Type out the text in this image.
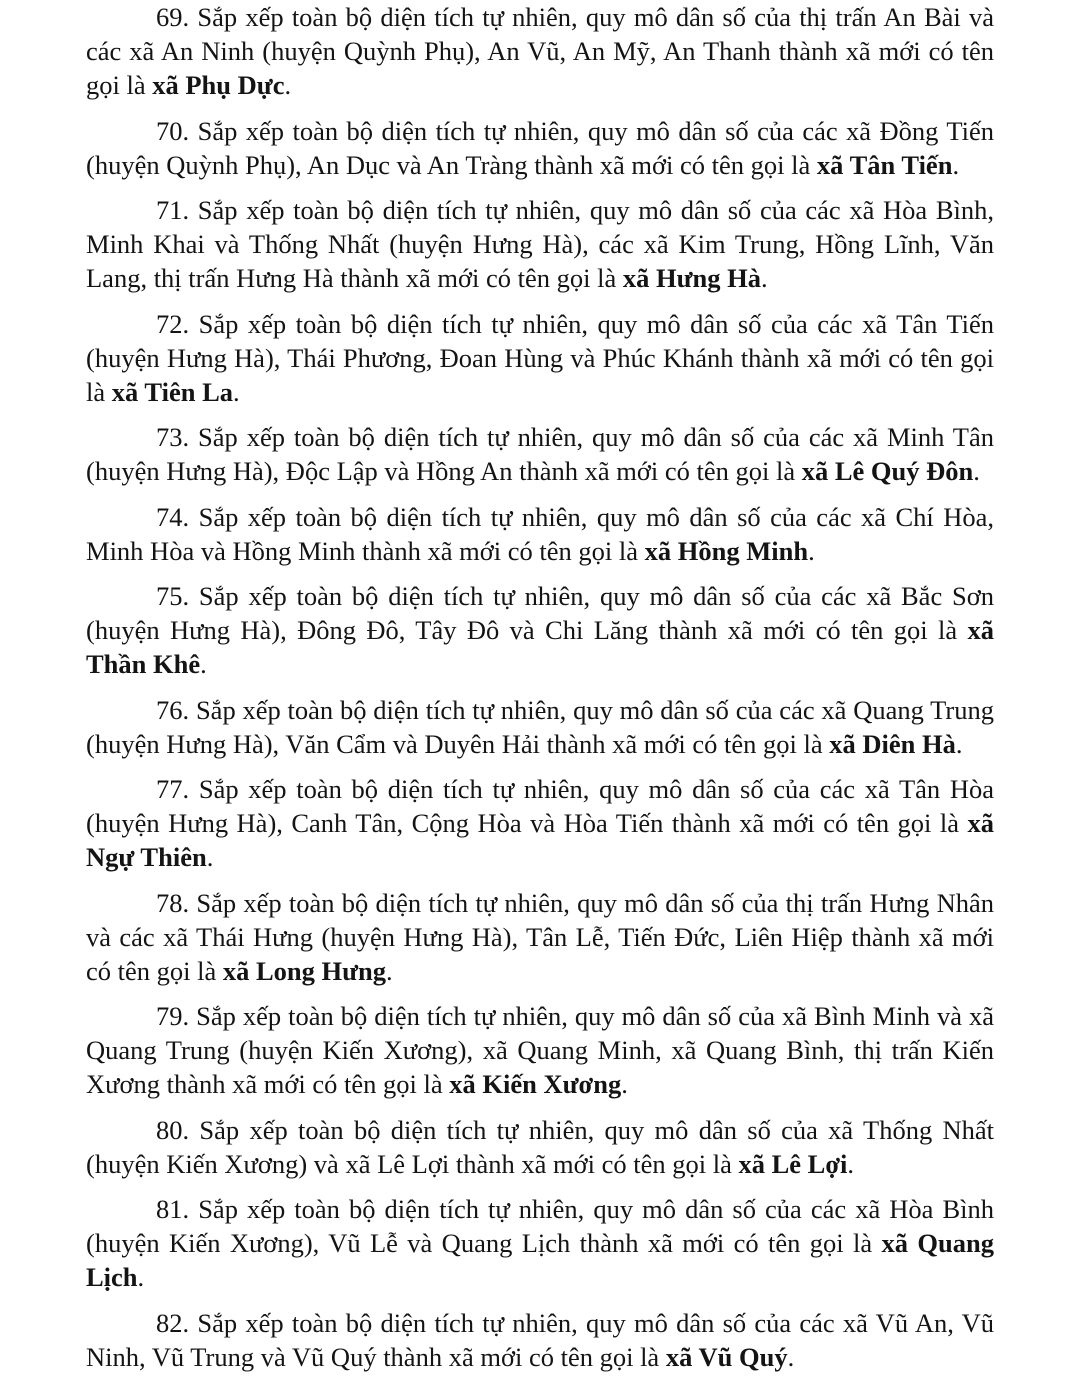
69. Sắp xếp toàn bộ diện tích tự nhiên, quy mô dân số của thị trấn An Bài và các xã An Ninh (huyện Quỳnh Phụ), An Vũ, An Mỹ, An Thanh thành xã mới có tên gọi là xã Phụ Dực.

70. Sắp xếp toàn bộ diện tích tự nhiên, quy mô dân số của các xã Đồng Tiến (huyện Quỳnh Phụ), An Dục và An Tràng thành xã mới có tên gọi là xã Tân Tiến.

71. Sắp xếp toàn bộ diện tích tự nhiên, quy mô dân số của các xã Hòa Bình, Minh Khai và Thống Nhất (huyện Hưng Hà), các xã Kim Trung, Hồng Lĩnh, Văn Lang, thị trấn Hưng Hà thành xã mới có tên gọi là xã Hưng Hà.

72. Sắp xếp toàn bộ diện tích tự nhiên, quy mô dân số của các xã Tân Tiến (huyện Hưng Hà), Thái Phương, Đoan Hùng và Phúc Khánh thành xã mới có tên gọi là xã Tiên La.

73. Sắp xếp toàn bộ diện tích tự nhiên, quy mô dân số của các xã Minh Tân (huyện Hưng Hà), Độc Lập và Hồng An thành xã mới có tên gọi là xã Lê Quý Đôn.

74. Sắp xếp toàn bộ diện tích tự nhiên, quy mô dân số của các xã Chí Hòa, Minh Hòa và Hồng Minh thành xã mới có tên gọi là xã Hồng Minh.

75. Sắp xếp toàn bộ diện tích tự nhiên, quy mô dân số của các xã Bắc Sơn (huyện Hưng Hà), Đông Đô, Tây Đô và Chi Lăng thành xã mới có tên gọi là xã Thần Khê.

76. Sắp xếp toàn bộ diện tích tự nhiên, quy mô dân số của các xã Quang Trung (huyện Hưng Hà), Văn Cẩm và Duyên Hải thành xã mới có tên gọi là xã Diên Hà.

77. Sắp xếp toàn bộ diện tích tự nhiên, quy mô dân số của các xã Tân Hòa (huyện Hưng Hà), Canh Tân, Cộng Hòa và Hòa Tiến thành xã mới có tên gọi là xã Ngự Thiên.

78. Sắp xếp toàn bộ diện tích tự nhiên, quy mô dân số của thị trấn Hưng Nhân và các xã Thái Hưng (huyện Hưng Hà), Tân Lễ, Tiến Đức, Liên Hiệp thành xã mới có tên gọi là xã Long Hưng.

79. Sắp xếp toàn bộ diện tích tự nhiên, quy mô dân số của xã Bình Minh và xã Quang Trung (huyện Kiến Xương), xã Quang Minh, xã Quang Bình, thị trấn Kiến Xương thành xã mới có tên gọi là xã Kiến Xương.

80. Sắp xếp toàn bộ diện tích tự nhiên, quy mô dân số của xã Thống Nhất (huyện Kiến Xương) và xã Lê Lợi thành xã mới có tên gọi là xã Lê Lợi.

81. Sắp xếp toàn bộ diện tích tự nhiên, quy mô dân số của các xã Hòa Bình (huyện Kiến Xương), Vũ Lễ và Quang Lịch thành xã mới có tên gọi là xã Quang Lịch.

82. Sắp xếp toàn bộ diện tích tự nhiên, quy mô dân số của các xã Vũ An, Vũ Ninh, Vũ Trung và Vũ Quý thành xã mới có tên gọi là xã Vũ Quý.
